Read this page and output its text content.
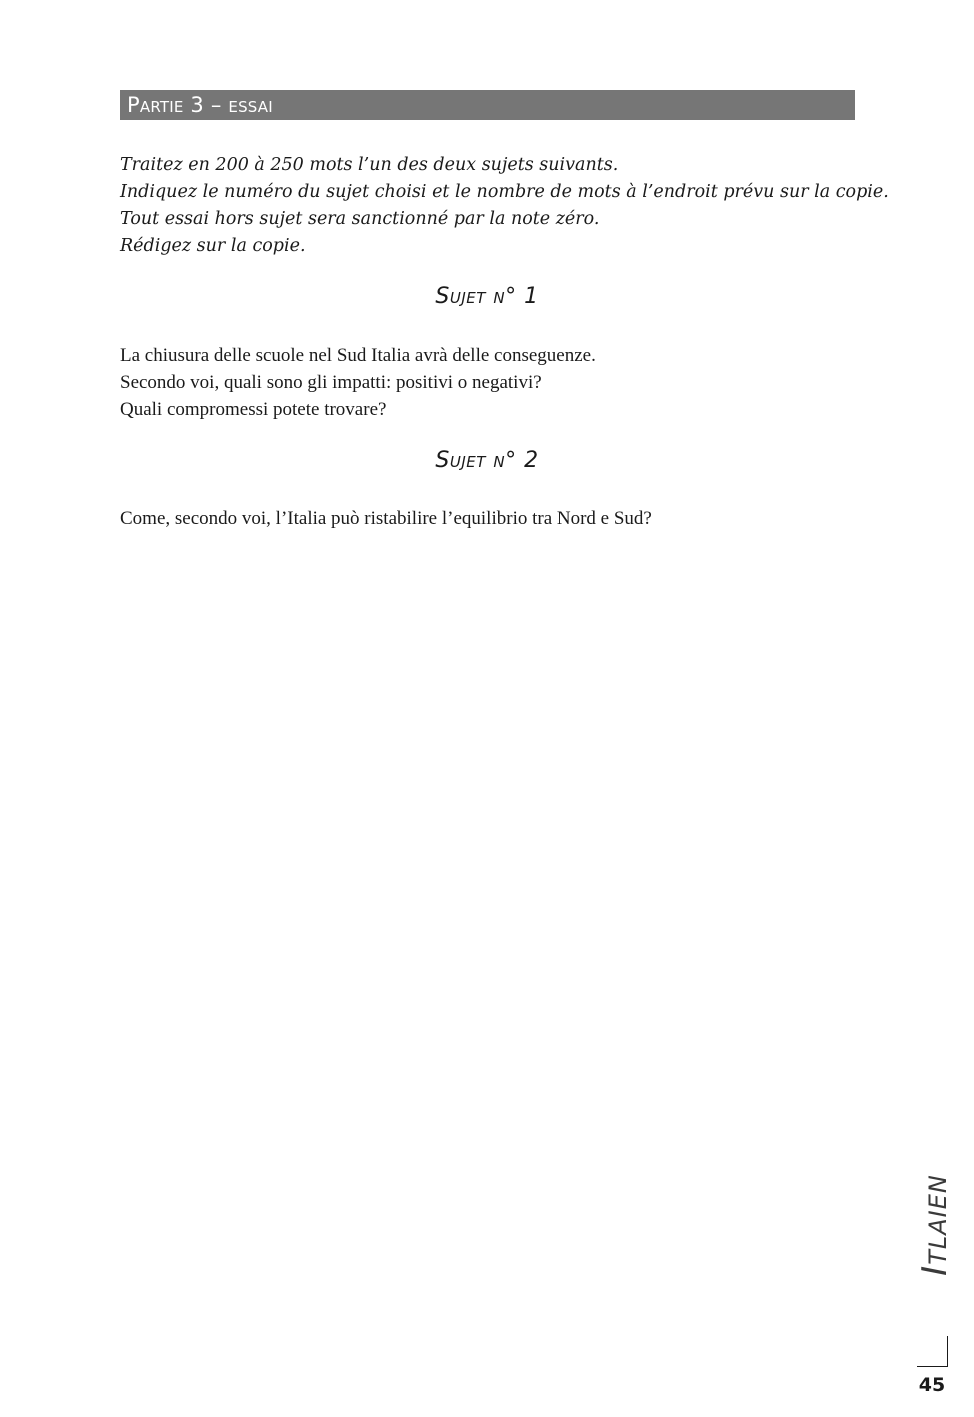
Partie 3 – essai
Traitez en 200 à 250 mots l’un des deux sujets suivants.
Indiquez le numéro du sujet choisi et le nombre de mots à l’endroit prévu sur la copie.
Tout essai hors sujet sera sanctionné par la note zéro.
Rédigez sur la copie.
Sujet n° 1
La chiusura delle scuole nel Sud Italia avrà delle conseguenze.
Secondo voi, quali sono gli impatti: positivi o negativi?
Quali compromessi potete trovare?
Sujet n° 2
Come, secondo voi, l’Italia può ristabilire l’equilibrio tra Nord e Sud?
Itlaien
45
